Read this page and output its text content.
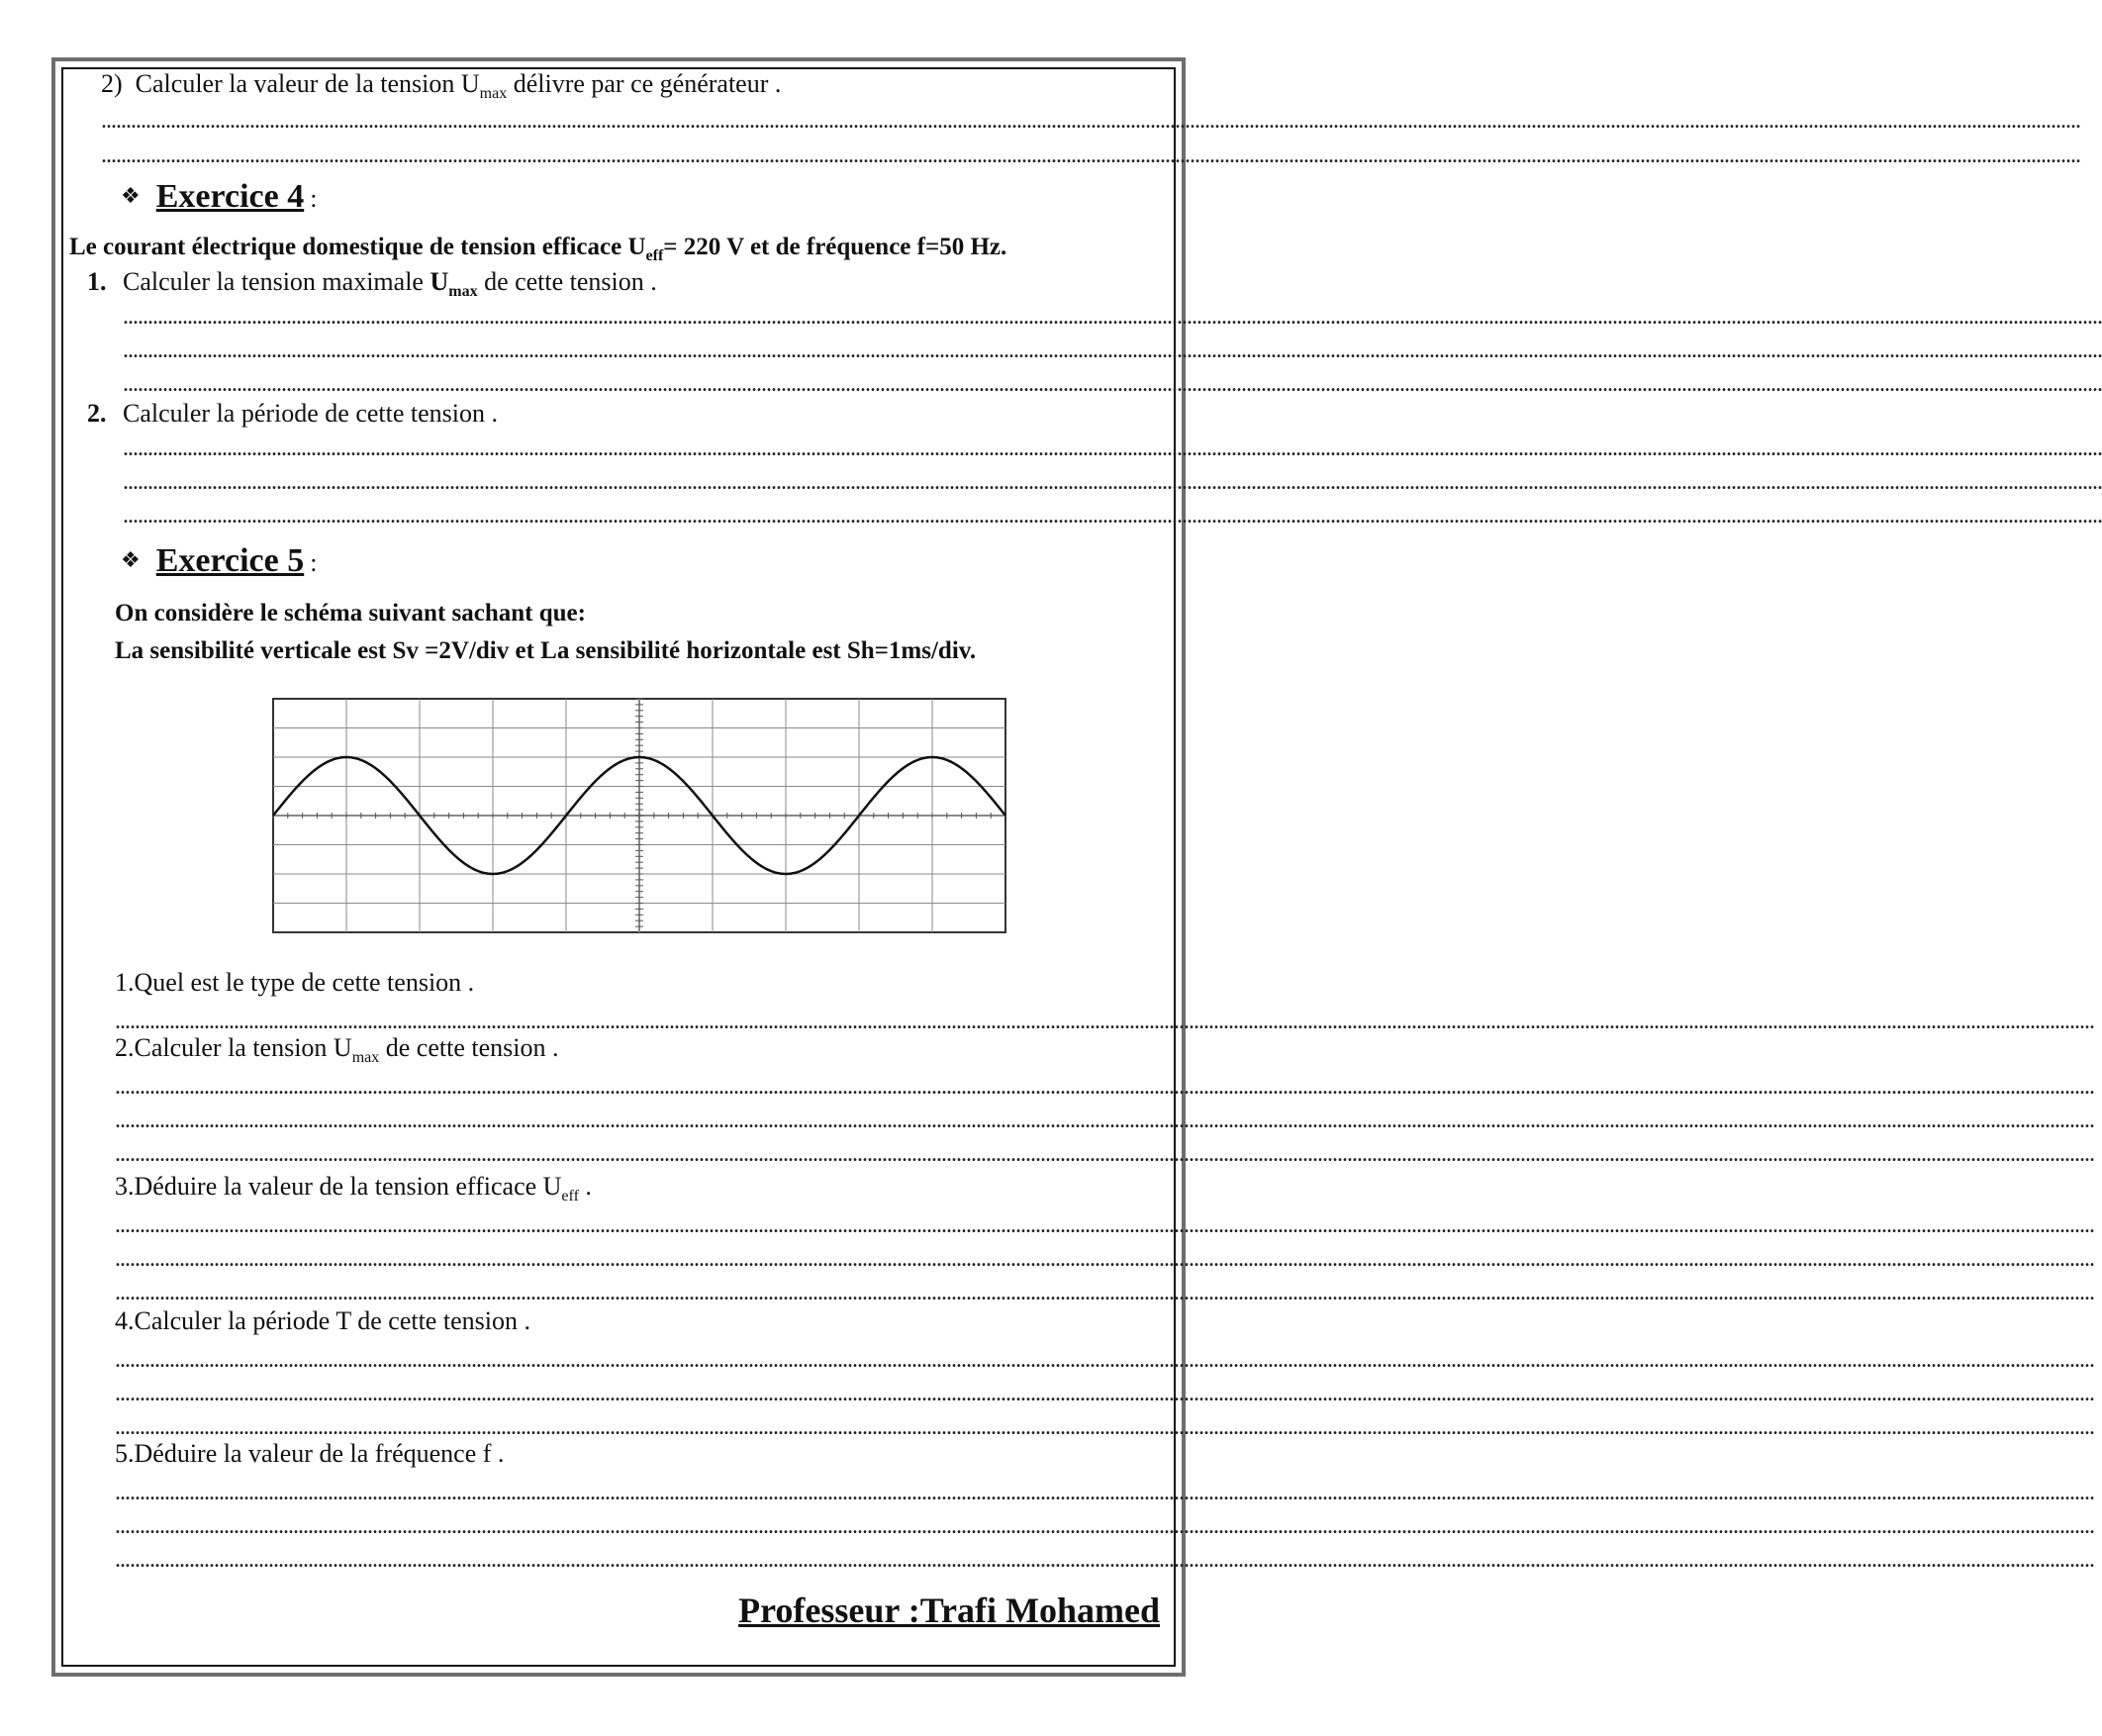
2) Calculer la valeur de la tension $U_{max}$ délivre par ce générateur .
................................................................................................................................................................................................................................................................................................................................................................................................................
................................................................................................................................................................................................................................................................................................................................................................................................................
❖ Exercice 4 :
Le courant électrique domestique de tension efficace $U_{eff}= 220$ V et de fréquence f=50 Hz.
1. Calculer la tension maximale $U_{max}$ de cette tension .
................................................................................................................................................................................................................................................................................................................................................................................................................
................................................................................................................................................................................................................................................................................................................................................................................................................
................................................................................................................................................................................................................................................................................................................................................................................................................
2. Calculer la période de cette tension .
................................................................................................................................................................................................................................................................................................................................................................................................................
................................................................................................................................................................................................................................................................................................................................................................................................................
................................................................................................................................................................................................................................................................................................................................................................................................................
❖ Exercice 5 :
On considère le schéma suivant sachant que:
La sensibilité verticale est Sv =2V/div et La sensibilité horizontale est Sh=1ms/div.
1.Quel est le type de cette tension .
................................................................................................................................................................................................................................................................................................................................................................................................................
2.Calculer la tension $U_{max}$ de cette tension .
................................................................................................................................................................................................................................................................................................................................................................................................................
................................................................................................................................................................................................................................................................................................................................................................................................................
................................................................................................................................................................................................................................................................................................................................................................................................................
3.Déduire la valeur de la tension efficace $U_{eff}$ .
................................................................................................................................................................................................................................................................................................................................................................................................................
................................................................................................................................................................................................................................................................................................................................................................................................................
................................................................................................................................................................................................................................................................................................................................................................................................................
4.Calculer la période T de cette tension .
................................................................................................................................................................................................................................................................................................................................................................................................................
................................................................................................................................................................................................................................................................................................................................................................................................................
................................................................................................................................................................................................................................................................................................................................................................................................................
5.Déduire la valeur de la fréquence f .
................................................................................................................................................................................................................................................................................................................................................................................................................
................................................................................................................................................................................................................................................................................................................................................................................................................
................................................................................................................................................................................................................................................................................................................................................................................................................
Professeur :Trafi Mohamed
